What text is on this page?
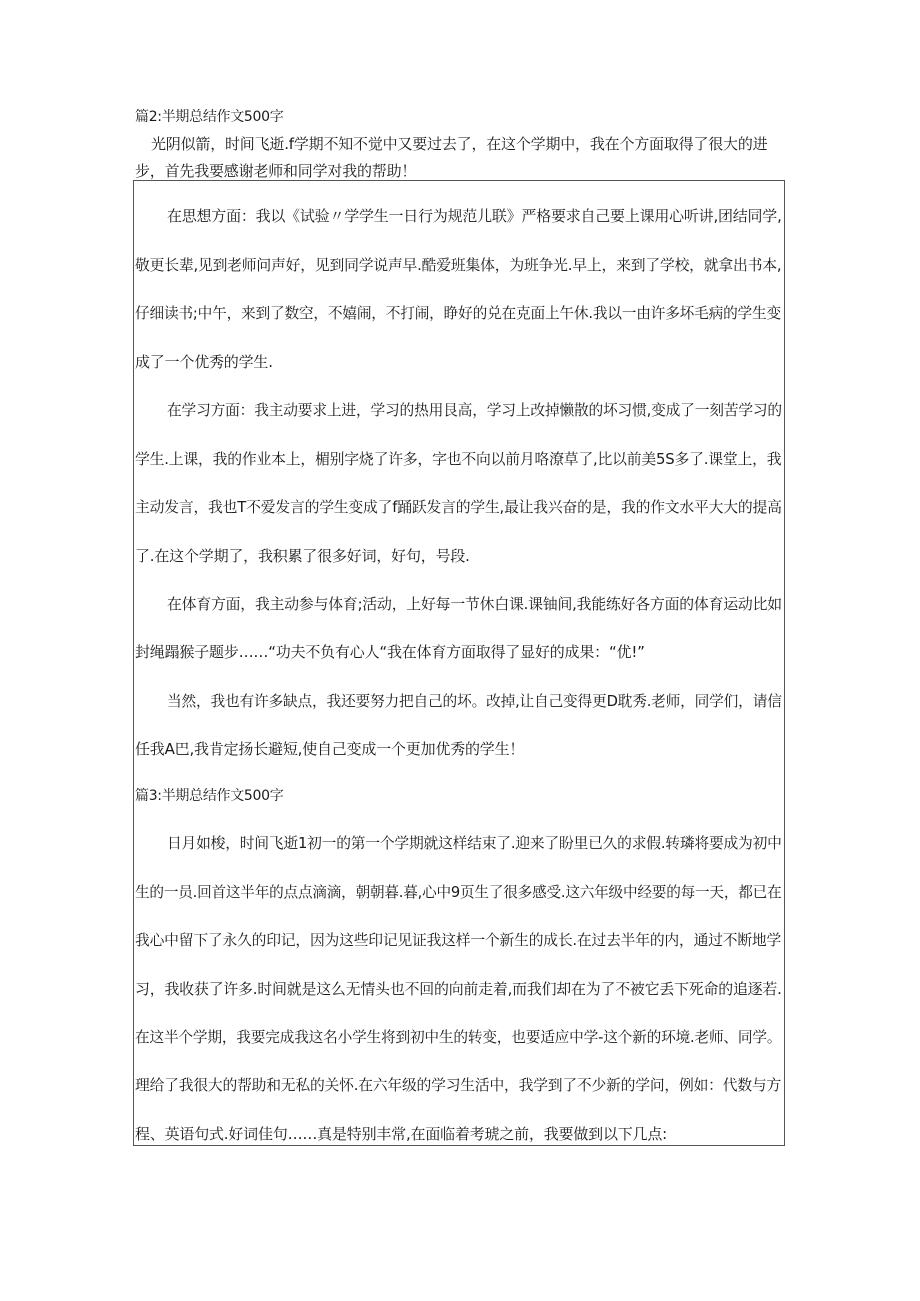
篇2:半期总结作文500字
光阴似箭，时间飞逝.f学期不知不觉中又要过去了，在这个学期中，我在个方面取得了很大的进
步，首先我要感谢老师和同学对我的帮助！
在思想方面：我以《试验〃学学生一日行为规范儿联》严格要求自己要上课用心听讲,团结同学,
敬更长辈,见到老师问声好，见到同学说声早.酷爱班集体，为班争光.早上，来到了学校，就拿出书本,
仔细读书;中午，来到了数空，不嬉闹，不打闹，睁好的兑在克面上午休.我以一由许多坏毛病的学生变
成了一个优秀的学生.
在学习方面：我主动要求上进，学习的热用艮高，学习上改掉懒散的坏习惯,变成了一刻苦学习的
学生.上课，我的作业本上，楣别字烧了许多，字也不向以前月咯潦草了,比以前美5S多了.课堂上，我
主动发言，我也T不爱发言的学生变成了f踊跃发言的学生,最让我兴奋的是，我的作文水平大大的提高
了.在这个学期了，我积累了很多好词，好句，号段.
在体育方面，我主动参与体育;活动，上好每一节休白课.课铀间,我能练好各方面的体育运动比如
封绳蹋猴子题步……“功夫不负有心人“我在体育方面取得了显好的成果：“优!”
当然，我也有许多缺点，我还要努力把自己的坏。改掉,让自己变得更D耽秀.老师，同学们，请信
任我A巴,我肯定扬长避短,使自己变成一个更加优秀的学生！
篇3:半期总结作文500字
日月如梭，时间飞逝1初一的第一个学期就这样结束了.迎来了盼里已久的求假.转璘将要成为初中
生的一员.回首这半年的点点滴滴，朝朝暮.暮,心中9页生了很多感受.这六年级中经要的每一天，都已在
我心中留下了永久的印记，因为这些印记见证我这样一个新生的成长.在过去半年的内，通过不断地学
习，我收获了许多.时间就是这么无情头也不回的向前走着,而我们却在为了不被它丢下死命的追逐若.
在这半个学期，我要完成我这名小学生将到初中生的转变，也要适应中学-这个新的环境.老师、同学。
理给了我很大的帮助和无私的关怀.在六年级的学习生活中，我学到了不少新的学问，例如：代数与方
程、英语句式.好词佳句……真是特别丰常,在面临着考琥之前，我要做到以下几点:
